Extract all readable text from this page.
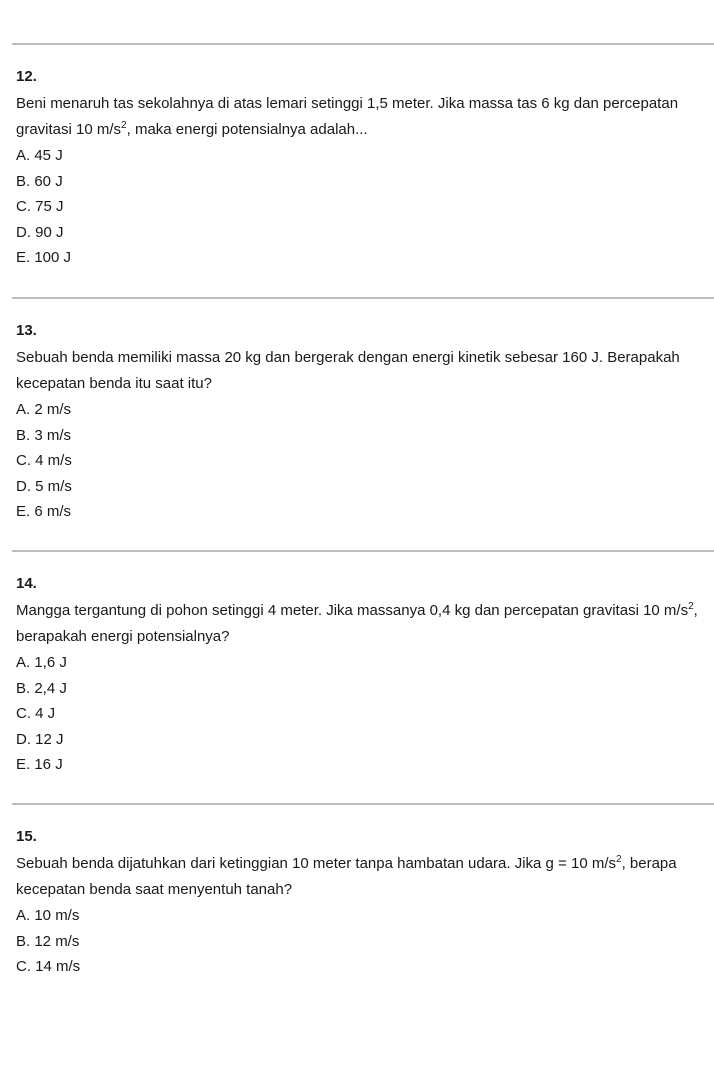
12.
Beni menaruh tas sekolahnya di atas lemari setinggi 1,5 meter. Jika massa tas 6 kg dan percepatan gravitasi 10 $m/s^2$, maka energi potensialnya adalah...
A. 45 J
B. 60 J
C. 75 J
D. 90 J
E. 100 J
13.
Sebuah benda memiliki massa 20 kg dan bergerak dengan energi kinetik sebesar 160 J. Berapakah kecepatan benda itu saat itu?
A. 2 m/s
B. 3 m/s
C. 4 m/s
D. 5 m/s
E. 6 m/s
14.
Mangga tergantung di pohon setinggi 4 meter. Jika massanya 0,4 kg dan percepatan gravitasi 10 $m/s^2$, berapakah energi potensialnya?
A. 1,6 J
B. 2,4 J
C. 4 J
D. 12 J
E. 16 J
15.
Sebuah benda dijatuhkan dari ketinggian 10 meter tanpa hambatan udara. Jika g = 10 $m/s^2$, berapa kecepatan benda saat menyentuh tanah?
A. 10 m/s
B. 12 m/s
C. 14 m/s
